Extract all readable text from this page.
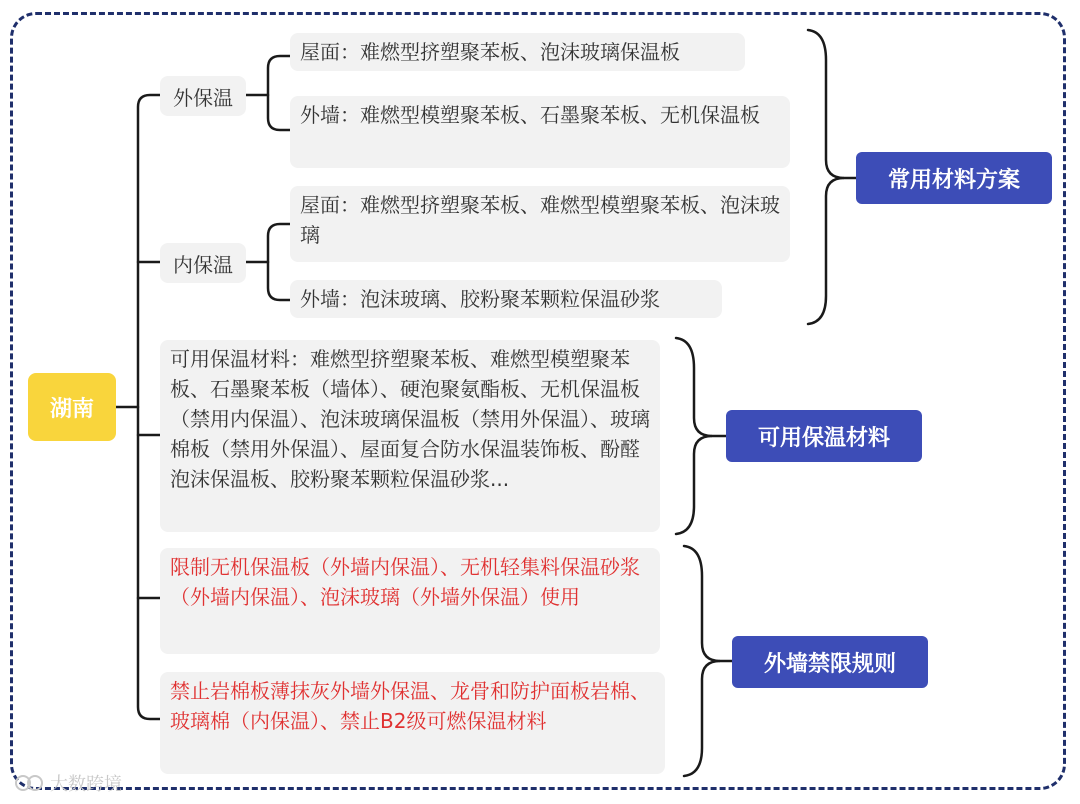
湖南
外保温
内保温
屋面：难燃型挤塑聚苯板、泡沫玻璃保温板
外墙：难燃型模塑聚苯板、石墨聚苯板、无机保温板
屋面：难燃型挤塑聚苯板、难燃型模塑聚苯板、泡沫玻璃
外墙：泡沫玻璃、胶粉聚苯颗粒保温砂浆
可用保温材料：难燃型挤塑聚苯板、难燃型模塑聚苯板、石墨聚苯板（墙体）、硬泡聚氨酯板、无机保温板（禁用内保温）、泡沫玻璃保温板（禁用外保温）、玻璃棉板（禁用外保温）、屋面复合防水保温装饰板、酚醛泡沫保温板、胶粉聚苯颗粒保温砂浆...
限制无机保温板（外墙内保温）、无机轻集料保温砂浆（外墙内保温）、泡沫玻璃（外墙外保温）使用
禁止岩棉板薄抹灰外墙外保温、龙骨和防护面板岩棉、玻璃棉（内保温）、禁止B2级可燃保温材料
常用材料方案
可用保温材料
外墙禁限规则
大数跨境
